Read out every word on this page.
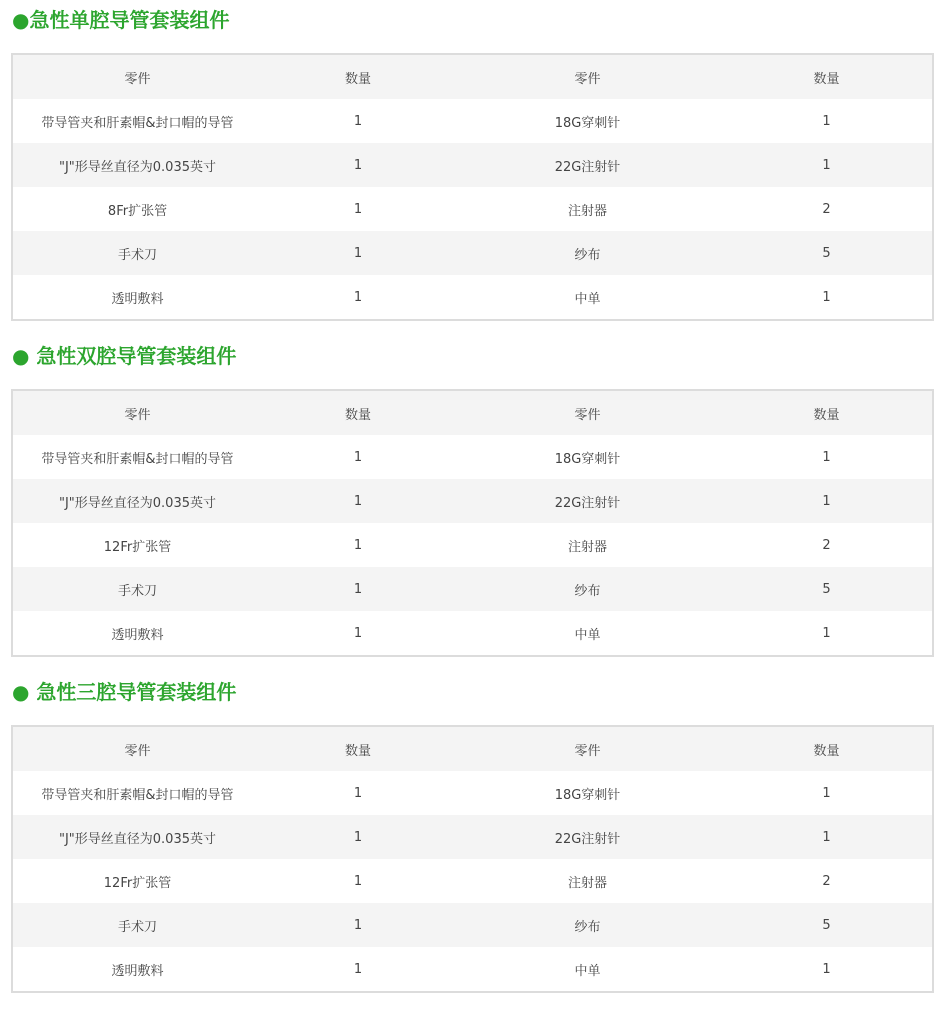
●急性单腔导管套装组件
零件	数量	零件	数量
带导管夹和肝素帽&封口帽的导管	1	18G穿刺针	1
"J"形导丝直径为0.035英寸	1	22G注射针	1
8Fr扩张管	1	注射器	2
手术刀	1	纱布	5
透明敷料	1	中单	1
● 急性双腔导管套装组件
零件	数量	零件	数量
带导管夹和肝素帽&封口帽的导管	1	18G穿刺针	1
"J"形导丝直径为0.035英寸	1	22G注射针	1
12Fr扩张管	1	注射器	2
手术刀	1	纱布	5
透明敷料	1	中单	1
● 急性三腔导管套装组件
零件	数量	零件	数量
带导管夹和肝素帽&封口帽的导管	1	18G穿刺针	1
"J"形导丝直径为0.035英寸	1	22G注射针	1
12Fr扩张管	1	注射器	2
手术刀	1	纱布	5
透明敷料	1	中单	1
